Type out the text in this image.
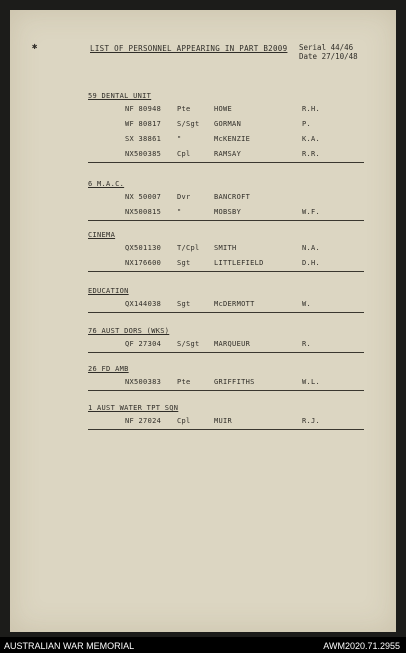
✱	LIST OF PERSONNEL APPEARING IN PART B2009 Serial 44/46
Date 27/10/48
59 DENTAL UNIT
NF 80948 Pte	HOWE	R.H.
WF 80817 S/Sgt GORMAN	P.
SX 38861 "	McKENZIE	K.A.
NX500385 Cpl	RAMSAY	R.R.
6 M.A.C.
NX 50007 Dvr	BANCROFT
NX500815 "	MOBSBY	W.F.
CINEMA
QX501130 T/Cpl SMITH	N.A.
NX176600 Sgt	LITTLEFIELD	D.H.
EDUCATION
QX144038 Sgt	McDERMOTT	W.
76 AUST DORS (WKS)
QF 27304 S/Sgt MARQUEUR	R.
26 FD AMB
NX500383 Pte	GRIFFITHS	W.L.
1 AUST WATER TPT SQN
NF 27024 Cpl	MUIR	R.J.
AUSTRALIAN WAR MEMORIAL	AWM2020.71.2955
